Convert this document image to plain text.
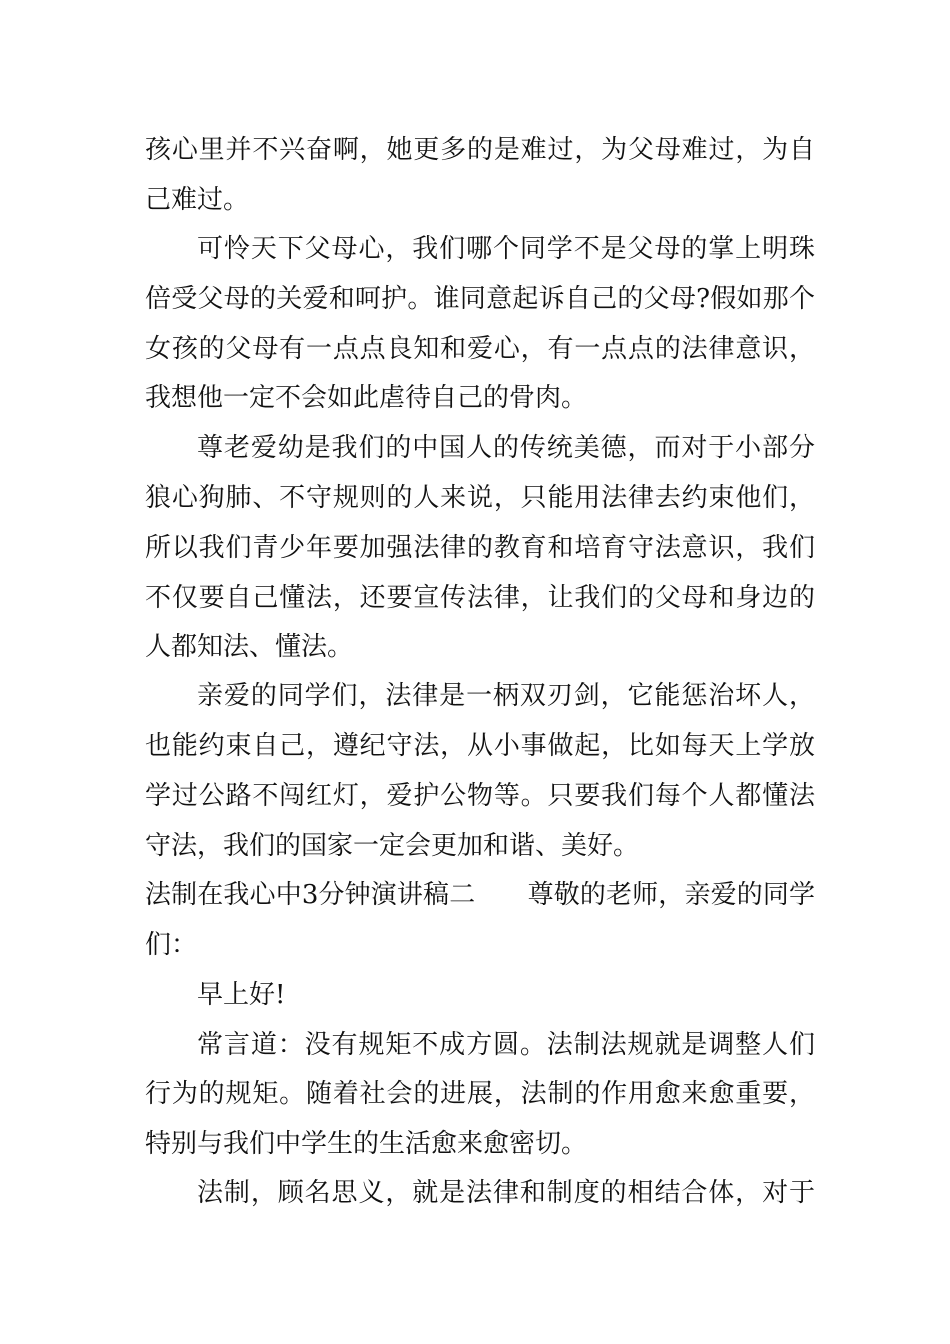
孩心里并不兴奋啊，她更多的是难过，为父母难过，为自
己难过。
可怜天下父母心，我们哪个同学不是父母的掌上明珠
倍受父母的关爱和呵护。谁同意起诉自己的父母?假如那个
女孩的父母有一点点良知和爱心，有一点点的法律意识，
我想他一定不会如此虐待自己的骨肉。
尊老爱幼是我们的中国人的传统美德，而对于小部分
狼心狗肺、不守规则的人来说，只能用法律去约束他们，
所以我们青少年要加强法律的教育和培育守法意识，我们
不仅要自己懂法，还要宣传法律，让我们的父母和身边的
人都知法、懂法。
亲爱的同学们，法律是一柄双刃剑，它能惩治坏人，
也能约束自己，遵纪守法，从小事做起，比如每天上学放
学过公路不闯红灯，爱护公物等。只要我们每个人都懂法
守法，我们的国家一定会更加和谐、美好。
法制在我心中3分钟演讲稿二　　尊敬的老师，亲爱的同学
们：
早上好!
常言道：没有规矩不成方圆。法制法规就是调整人们
行为的规矩。随着社会的进展，法制的作用愈来愈重要，
特别与我们中学生的生活愈来愈密切。
法制，顾名思义，就是法律和制度的相结合体，对于
